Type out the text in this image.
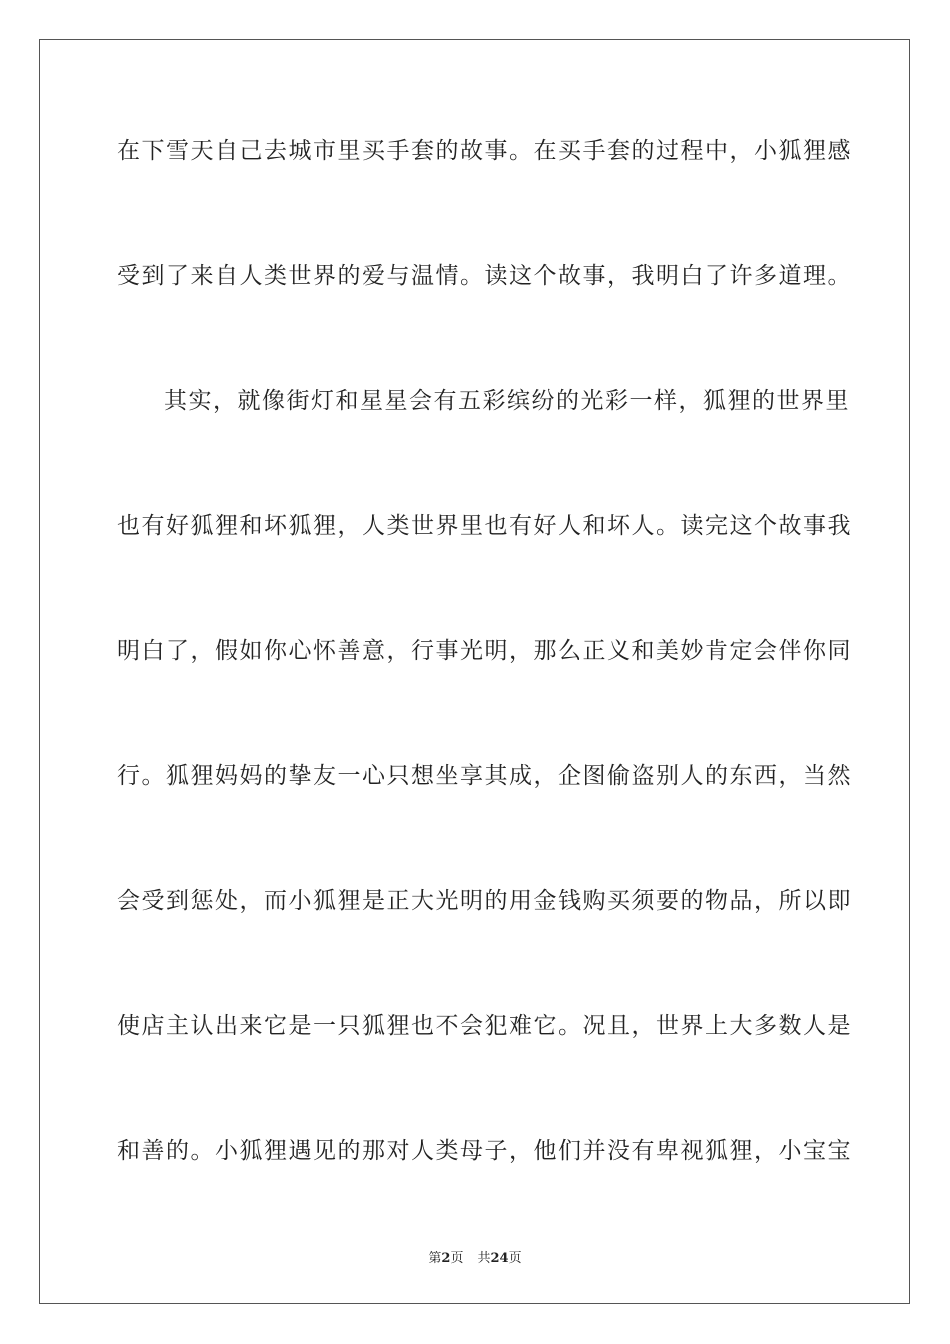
在下雪天自己去城市里买手套的故事。在买手套的过程中，小狐狸感
受到了来自人类世界的爱与温情。读这个故事，我明白了许多道理。
其实，就像街灯和星星会有五彩缤纷的光彩一样，狐狸的世界里
也有好狐狸和坏狐狸，人类世界里也有好人和坏人。读完这个故事我
明白了，假如你心怀善意，行事光明，那么正义和美妙肯定会伴你同
行。狐狸妈妈的挚友一心只想坐享其成，企图偷盗别人的东西，当然
会受到惩处，而小狐狸是正大光明的用金钱购买须要的物品，所以即
使店主认出来它是一只狐狸也不会犯难它。况且，世界上大多数人是
和善的。小狐狸遇见的那对人类母子，他们并没有卑视狐狸，小宝宝
第2页 共24页
